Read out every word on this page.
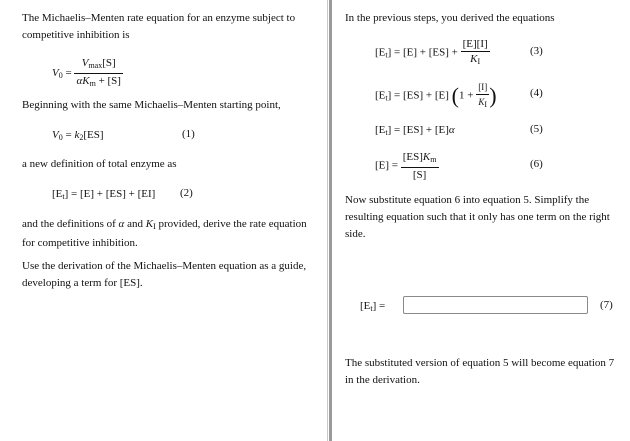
The Michaelis–Menten rate equation for an enzyme subject to competitive inhibition is

$V_0 = \frac{V_{max}[S]}{\alpha K_m + [S]}$

Beginning with the same Michaelis–Menten starting point,

$V_0 = k_2[ES]$	(1)

a new definition of total enzyme as

$[E_t] = [E] + [ES] + [EI]$ (2)

and the definitions of α and $K_I$ provided, derive the rate equation for competitive inhibition.

Use the derivation of the Michaelis–Menten equation as a guide, developing a term for [ES].

In the previous steps, you derived the equations

$[E_t] = [E] + [ES] + \frac{[E][I]}{K_I}$	(3)
$[E_t] = [ES] + [E] (1 + \frac{[I]}{K_I}$ )	(4)
$[E_t] = [ES] + [E]\alpha$	(5)
$[E] = \frac{[ES]K_m}{[S]}$	(6)

Now substitute equation 6 into equation 5. Simplify the resulting equation such that it only has one term on the right side.

$[E_t]$ =	(7)

The substituted version of equation 5 will become equation 7 in the derivation.
